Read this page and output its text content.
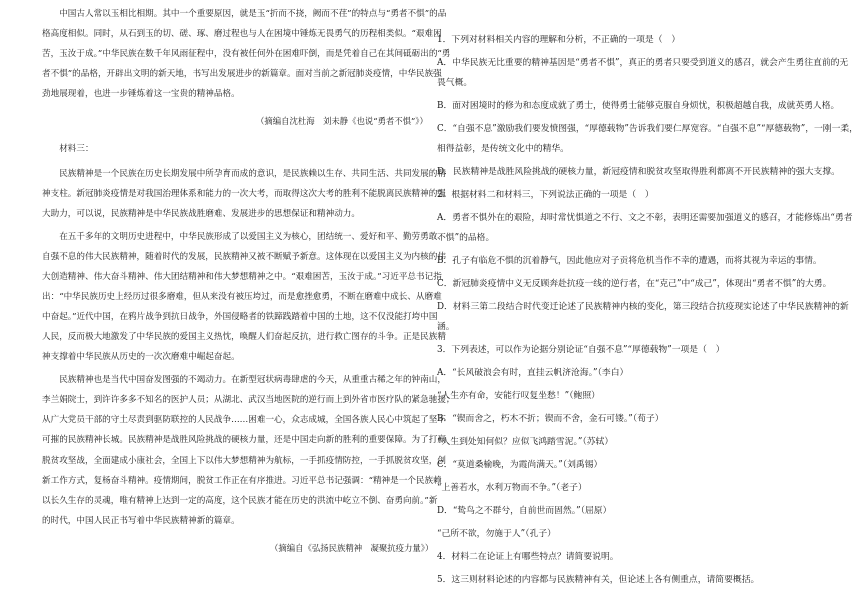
　　中国古人常以玉相比相期。其中一个重要原因，就是玉“折而不挠，阙而不荏”的特点与“勇者不惧”的品
格高度相似。同时，从石到玉的切、磋、琢、磨过程也与人在困境中锤炼无畏勇气的历程相类似。“艰难困
苦，玉汝于成。”中华民族在数千年风雨征程中，没有被任何外在困难吓倒，而是凭着自己在其间砥砺出的“勇
者不惧”的品格，开辟出文明的新天地，书写出发展进步的新篇章。面对当前之新冠肺炎疫情，中华民族强
劲地展现着，也进一步锤炼着这一宝贵的精神品格。
（摘编自沈杜海　刘未静《也说“勇者不惧”》）
　　材料三：
　　民族精神是一个民族在历史长期发展中所孕育而成的意识，是民族赖以生存、共同生活、共同发展的精
神支柱。新冠肺炎疫情是对我国治理体系和能力的一次大考，而取得这次大考的胜利不能脱离民族精神的强
大助力，可以说，民族精神是中华民族战胜磨难、发展进步的思想保证和精神动力。
　　在五千多年的文明历史进程中，中华民族形成了以爱国主义为核心，团结统一、爱好和平、勤劳勇敢、
自强不息的伟大民族精神，随着时代的发展，民族精神又被不断赋予新意。这体现在以爱国主义为内核的伟
大创造精神、伟大奋斗精神、伟大团结精神和伟大梦想精神之中。“艰难困苦，玉汝于成。”习近平总书记指
出：“中华民族历史上经历过很多磨难，但从来没有被压垮过，而是愈挫愈勇，不断在磨难中成长、从磨难
中奋起。”近代中国，在鸦片战争到抗日战争，外国侵略者的铁蹄践踏着中国的土地，这不仅没能打垮中国
人民，反而极大地激发了中华民族的爱国主义热忱，唤醒人们奋起反抗，进行救亡图存的斗争。正是民族精
神支撑着中华民族从历史的一次次磨难中崛起奋起。
　　民族精神也是当代中国奋发图强的不竭动力。在新型冠状病毒肆虐的今天，从重重古稀之年的钟南山，
李兰娟院士，到许许多多不知名的医护人员；从湖北、武汉当地医院的逆行而上到外省市医疗队的紧急驰援；
从广大党员干部的守土尽责到驱防联控的人民战争……困难一心，众志成城，全国各族人民心中筑起了坚不
可摧的民族精神长城。民族精神是战胜风险挑战的硬核力量，还是中国走向新的胜利的重要保障。为了打赢
脱贫攻坚战，全面建成小康社会，全国上下以伟大梦想精神为航标，一手抓疫情防控，一手抓脱贫攻坚，创
新工作方式，复杨奋斗精神。疫情期间，脱贫工作正在有序推进。习近平总书记强调：“精神是一个民族赖
以长久生存的灵魂，唯有精神上达到一定的高度，这个民族才能在历史的洪流中屹立不倒、奋勇向前。”新
的时代，中国人民正书写着中华民族精神新的篇章。
（摘编自《弘扬民族精神　凝聚抗疫力量》）
1．下列对材料相关内容的理解和分析，不正确的一项是（　）
A．中华民族无比重要的精神基因是“勇者不惧”，真正的勇者只要受到道义的感召，就会产生勇往直前的无
畏气概。
B．面对困境时的修为和态度成就了勇士，使得勇士能够克服自身烦忧，积极超越自我，成就英勇人格。
C．“自强不息”激励我们要发愤图强，“厚德载物”告诉我们要仁厚宽容。“自强不息”“厚德载物”，一刚一柔，
相得益彰，是传统文化中的精华。
D．民族精神是战胜风险挑战的硬核力量，新冠疫情和脱贫攻坚取得胜利都离不开民族精神的强大支撑。
2．根据材料二和材料三，下列说法正确的一项是（　）
A．勇者不惧外在的艰险，却时常忧惧道之不行、文之不彰，表明还需要加强道义的感召，才能修炼出“勇者
不惧”的品格。
B．孔子有临危不惧的沉着静气，因此他应对子贡将危机当作不幸的遭遇，而将其视为幸运的事情。
C．新冠肺炎疫情中义无反顾奔赴抗疫一线的逆行者，在“克己”中“成己”，体现出“勇者不惧”的大勇。
D．材料三第二段结合时代变迁论述了民族精神内核的变化，第三段结合抗疫现实论述了中华民族精神的新
涵。
3．下列表述，可以作为论据分别论证“自强不息”“厚德载物”一项是（　）
A．“长风破浪会有时，直挂云帆济沧海。”（李白）
“人生亦有命，安能行叹复坐愁！”（鲍照）
B．“锲而舍之，朽木不折；锲而不舍，金石可镂。”（荀子）
“人生到处知何似？应似飞鸿踏雪泥。”（苏轼）
C．“莫道桑榆晚，为霞尚满天。”（刘禹锡）
“上善若水，水利万物而不争。”（老子）
D．“鸷鸟之不群兮，自前世而固然。”（屈原）
“己所不欲，勿施于人”（孔子）
4．材料二在论证上有哪些特点？请简要说明。
5．这三则材料论述的内容都与民族精神有关，但论述上各有侧重点，请简要概括。
